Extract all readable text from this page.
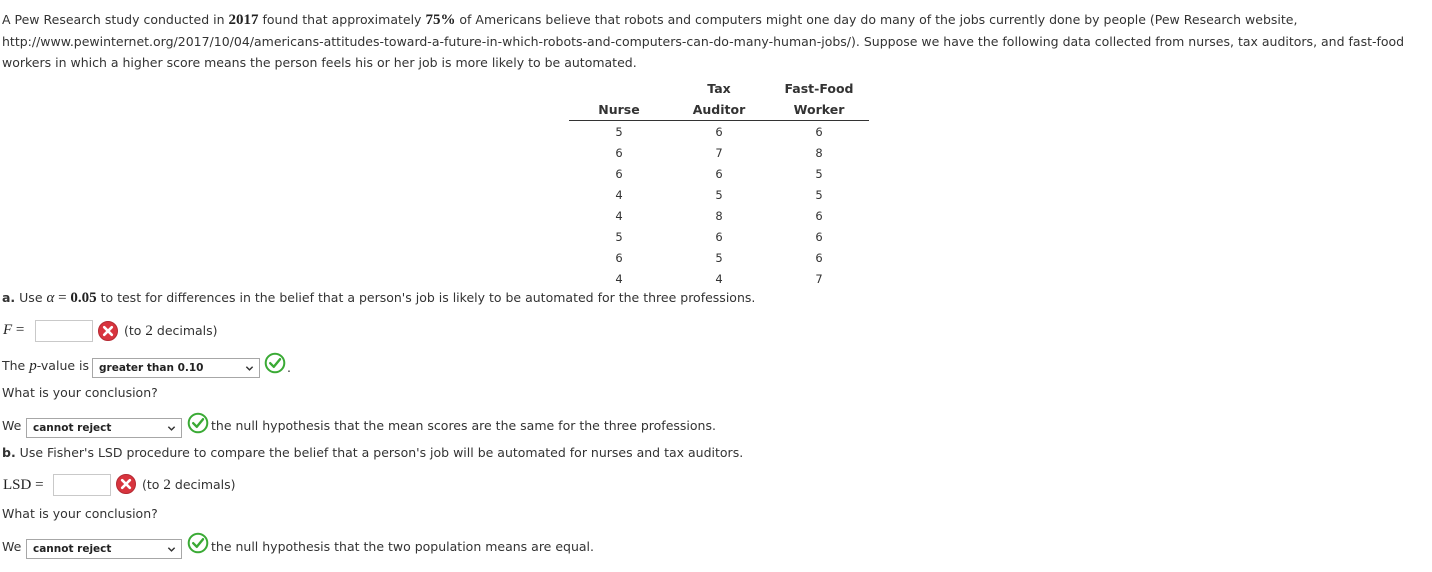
A Pew Research study conducted in 2017 found that approximately 75% of Americans believe that robots and computers might one day do many of the jobs currently done by people (Pew Research website, http://www.pewinternet.org/2017/10/04/americans-attitudes-toward-a-future-in-which-robots-and-computers-can-do-many-human-jobs/). Suppose we have the following data collected from nurses, tax auditors, and fast-food workers in which a higher score means the person feels his or her job is more likely to be automated.
	Tax	Fast-Food
Nurse	Auditor	Worker
5	6	6
6	7	8
6	6	5
4	5	5
4	8	6
5	6	6
6	5	6
4	4	7
a. Use α = 0.05 to test for differences in the belief that a person's job is likely to be automated for the three professions.
F =	(to 2 decimals)
The p-value is greater than 0.10	.
What is your conclusion?
We	cannot reject	the null hypothesis that the mean scores are the same for the three professions.
b. Use Fisher's LSD procedure to compare the belief that a person's job will be automated for nurses and tax auditors.
LSD =	(to 2 decimals)
What is your conclusion?
We	cannot reject	the null hypothesis that the two population means are equal.
